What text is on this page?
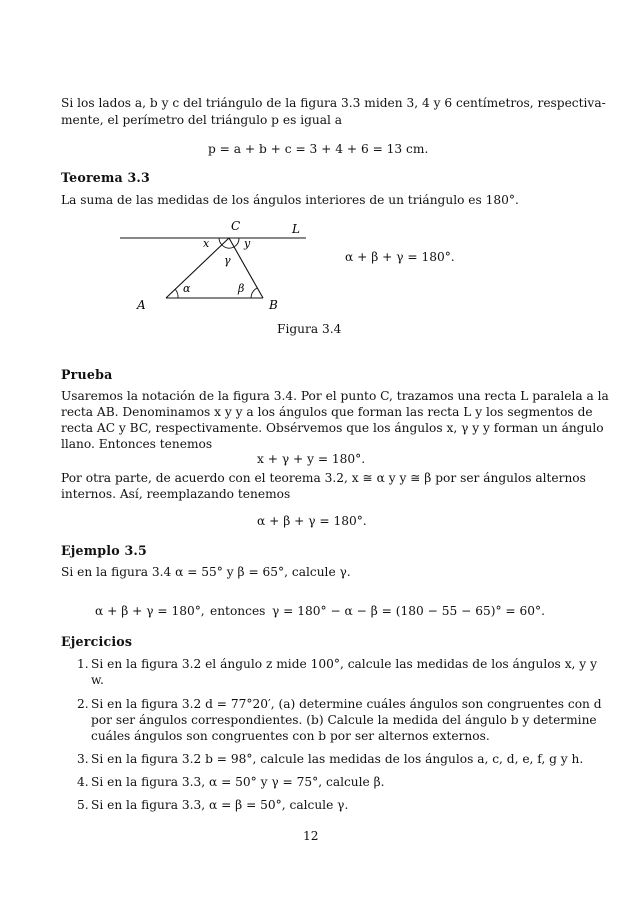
Si los lados a, b y c del triángulo de la figura 3.3 miden 3, 4 y 6 centímetros, respectiva-
mente, el perímetro del triángulo p es igual a
p = a + b + c = 3 + 4 + 6 = 13 cm.
Teorema 3.3
La suma de las medidas de los ángulos interiores de un triángulo es 180°.
C	L
x	y
γ
α	β
A	B
α + β + γ = 180°.
Figura 3.4
Prueba
Usaremos la notación de la figura 3.4. Por el punto C, trazamos una recta L paralela a la
recta AB. Denominamos x y y a los ángulos que forman las recta L y los segmentos de
recta AC y BC, respectivamente. Obsérvemos que los ángulos x, γ y y forman un ángulo
llano. Entonces tenemos
x + γ + y = 180°.
Por otra parte, de acuerdo con el teorema 3.2, x ≅ α y y ≅ β por ser ángulos alternos
internos. Así, reemplazando tenemos
α + β + γ = 180°.
Ejemplo 3.5
Si en la figura 3.4 α = 55° y β = 65°, calcule γ.
α + β + γ = 180°, entonces γ = 180° − α − β = (180 − 55 − 65)° = 60°.
Ejercicios
1. Si en la figura 3.2 el ángulo z mide 100°, calcule las medidas de los ángulos x, y y
w.
2. Si en la figura 3.2 d = 77°20′, (a) determine cuáles ángulos son congruentes con d
por ser ángulos correspondientes. (b) Calcule la medida del ángulo b y determine
cuáles ángulos son congruentes con b por ser alternos externos.
3. Si en la figura 3.2 b = 98°, calcule las medidas de los ángulos a, c, d, e, f, g y h.
4. Si en la figura 3.3, α = 50° y γ = 75°, calcule β.
5. Si en la figura 3.3, α = β = 50°, calcule γ.
12
